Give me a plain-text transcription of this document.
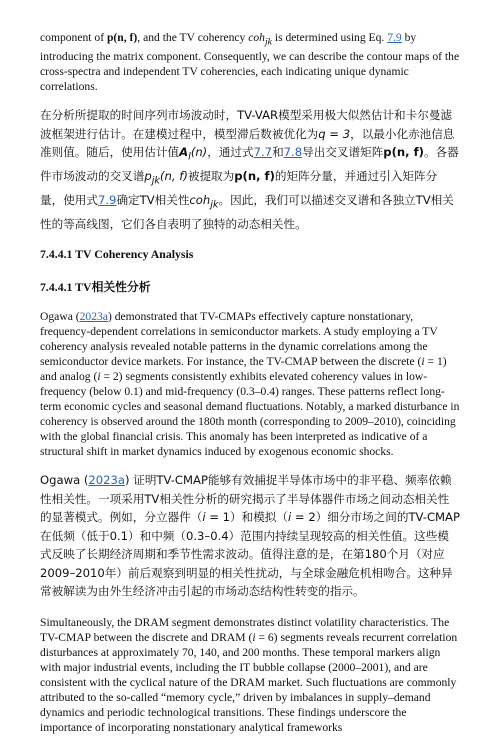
component of p(n, f), and the TV coherency coh$_{jk}$ is determined using Eq. 7.9 by introducing the matrix component. Consequently, we can describe the contour maps of the cross-spectra and independent TV coherencies, each indicating unique dynamic correlations.

在分析所提取的时间序列市场波动时，TV-VAR模型采用极大似然估计和卡尔曼滤波框架进行估计。在建模过程中，模型滞后数被优化为q = 3，以最小化赤池信息准则值。随后，使用估计值$A_l(n)$，通过式7.7和7.8导出交叉谱矩阵p(n, f)。各器件市场波动的交叉谱$p_{jk}(n$, f)被提取为p(n, f)的矩阵分量，并通过引入矩阵分量，使用式7.9确定TV相关性coh$_{jk}$。因此，我们可以描述交叉谱和各独立TV相关性的等高线图，它们各自表明了独特的动态相关性。

7.4.4.1 TV Coherency Analysis
7.4.4.1 TV相关性分析

Ogawa (2023a) demonstrated that TV-CMAPs effectively capture nonstationary, frequency-dependent correlations in semiconductor markets. A study employing a TV coherency analysis revealed notable patterns in the dynamic correlations among the semiconductor device markets. For instance, the TV-CMAP between the discrete (i = 1) and analog (i = 2) segments consistently exhibits elevated coherency values in low-frequency (below 0.1) and mid-frequency (0.3–0.4) ranges. These patterns reflect long-term economic cycles and seasonal demand fluctuations. Notably, a marked disturbance in coherency is observed around the 180th month (corresponding to 2009–2010), coinciding with the global financial crisis. This anomaly has been interpreted as indicative of a structural shift in market dynamics induced by exogenous economic shocks.

Ogawa (2023a) 证明TV-CMAP能够有效捕捉半导体市场中的非平稳、频率依赖性相关性。一项采用TV相关性分析的研究揭示了半导体器件市场之间动态相关性的显著模式。例如，分立器件（i = 1）和模拟（i = 2）细分市场之间的TV-CMAP在低频（低于0.1）和中频（0.3–0.4）范围内持续呈现较高的相关性值。这些模式反映了长期经济周期和季节性需求波动。值得注意的是，在第180个月（对应2009–2010年）前后观察到明显的相关性扰动，与全球金融危机相吻合。这种异常被解读为由外生经济冲击引起的市场动态结构性转变的指示。

Simultaneously, the DRAM segment demonstrates distinct volatility characteristics. The TV-CMAP between the discrete and DRAM (i = 6) segments reveals recurrent correlation disturbances at approximately 70, 140, and 200 months. These temporal markers align with major industrial events, including the IT bubble collapse (2000–2001), and are consistent with the cyclical nature of the DRAM market. Such fluctuations are commonly attributed to the so-called “memory cycle,” driven by imbalances in supply–demand dynamics and periodic technological transitions. These findings underscore the importance of incorporating nonstationary analytical frameworks
